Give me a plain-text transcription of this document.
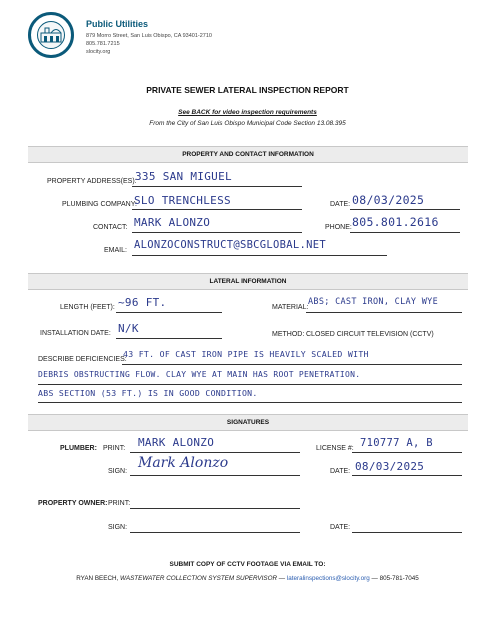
Public Utilities
879 Morro Street, San Luis Obispo, CA 93401-2710
805.781.7215
slocity.org
PRIVATE SEWER LATERAL INSPECTION REPORT
See BACK for video inspection requirements
From the City of San Luis Obispo Municipal Code Section 13.08.395
PROPERTY AND CONTACT INFORMATION
PROPERTY ADDRESS(ES):
335 SAN MIGUEL
PLUMBING COMPANY:
SLO TRENCHLESS	DATE: 08/03/2025
CONTACT: MARK ALONZO	PHONE: 805.801.2616
EMAIL: ALONZOCONSTRUCT@SBCGLOBAL.NET
LATERAL INFORMATION
LENGTH (FEET): ~96 FT.	MATERIAL:
ABS; CAST IRON, CLAY WYE
INSTALLATION DATE: N/K	METHOD: CLOSED CIRCUIT TELEVISION (CCTV)
DESCRIBE DEFICIENCIES:
43 FT. OF CAST IRON PIPE IS HEAVILY SCALED WITH
DEBRIS OBSTRUCTING FLOW. CLAY WYE AT MAIN HAS ROOT PENETRATION.
ABS SECTION (53 FT.) IS IN GOOD CONDITION.
SIGNATURES
PLUMBER: PRINT: MARK ALONZO	LICENSE #: 710777 A, B
SIGN:
Mark Alonzo
DATE: 08/03/2025
PROPERTY OWNER: PRINT:
SIGN:	DATE:
SUBMIT COPY OF CCTV FOOTAGE VIA EMAIL TO:
RYAN BEECH, WASTEWATER COLLECTION SYSTEM SUPERVISOR — lateralinspections@slocity.org — 805-781-7045
